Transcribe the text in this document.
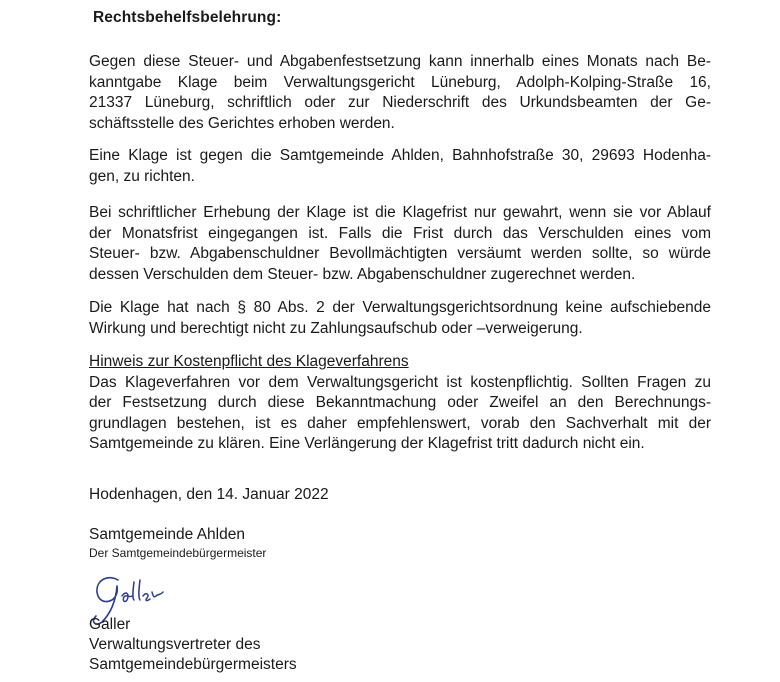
Rechtsbehelfsbelehrung:
Gegen diese Steuer- und Abgabenfestsetzung kann innerhalb eines Monats nach Be-
kanntgabe Klage beim Verwaltungsgericht Lüneburg, Adolph-Kolping-Straße 16,
21337 Lüneburg, schriftlich oder zur Niederschrift des Urkundsbeamten der Ge-
schäftsstelle des Gerichtes erhoben werden.
Eine Klage ist gegen die Samtgemeinde Ahlden, Bahnhofstraße 30, 29693 Hodenha-
gen, zu richten.
Bei schriftlicher Erhebung der Klage ist die Klagefrist nur gewahrt, wenn sie vor Ablauf
der Monatsfrist eingegangen ist. Falls die Frist durch das Verschulden eines vom
Steuer- bzw. Abgabenschuldner Bevollmächtigten versäumt werden sollte, so würde
dessen Verschulden dem Steuer- bzw. Abgabenschuldner zugerechnet werden.
Die Klage hat nach § 80 Abs. 2 der Verwaltungsgerichtsordnung keine aufschiebende
Wirkung und berechtigt nicht zu Zahlungsaufschub oder –verweigerung.
Hinweis zur Kostenpflicht des Klageverfahrens
Das Klageverfahren vor dem Verwaltungsgericht ist kostenpflichtig. Sollten Fragen zu
der Festsetzung durch diese Bekanntmachung oder Zweifel an den Berechnungs-
grundlagen bestehen, ist es daher empfehlenswert, vorab den Sachverhalt mit der
Samtgemeinde zu klären. Eine Verlängerung der Klagefrist tritt dadurch nicht ein.

Hodenhagen, den 14. Januar 2022

Samtgemeinde Ahlden

Der Samtgemeindebürgermeister

Galler

Verwaltungsvertreter des

Samtgemeindebürgermeisters
